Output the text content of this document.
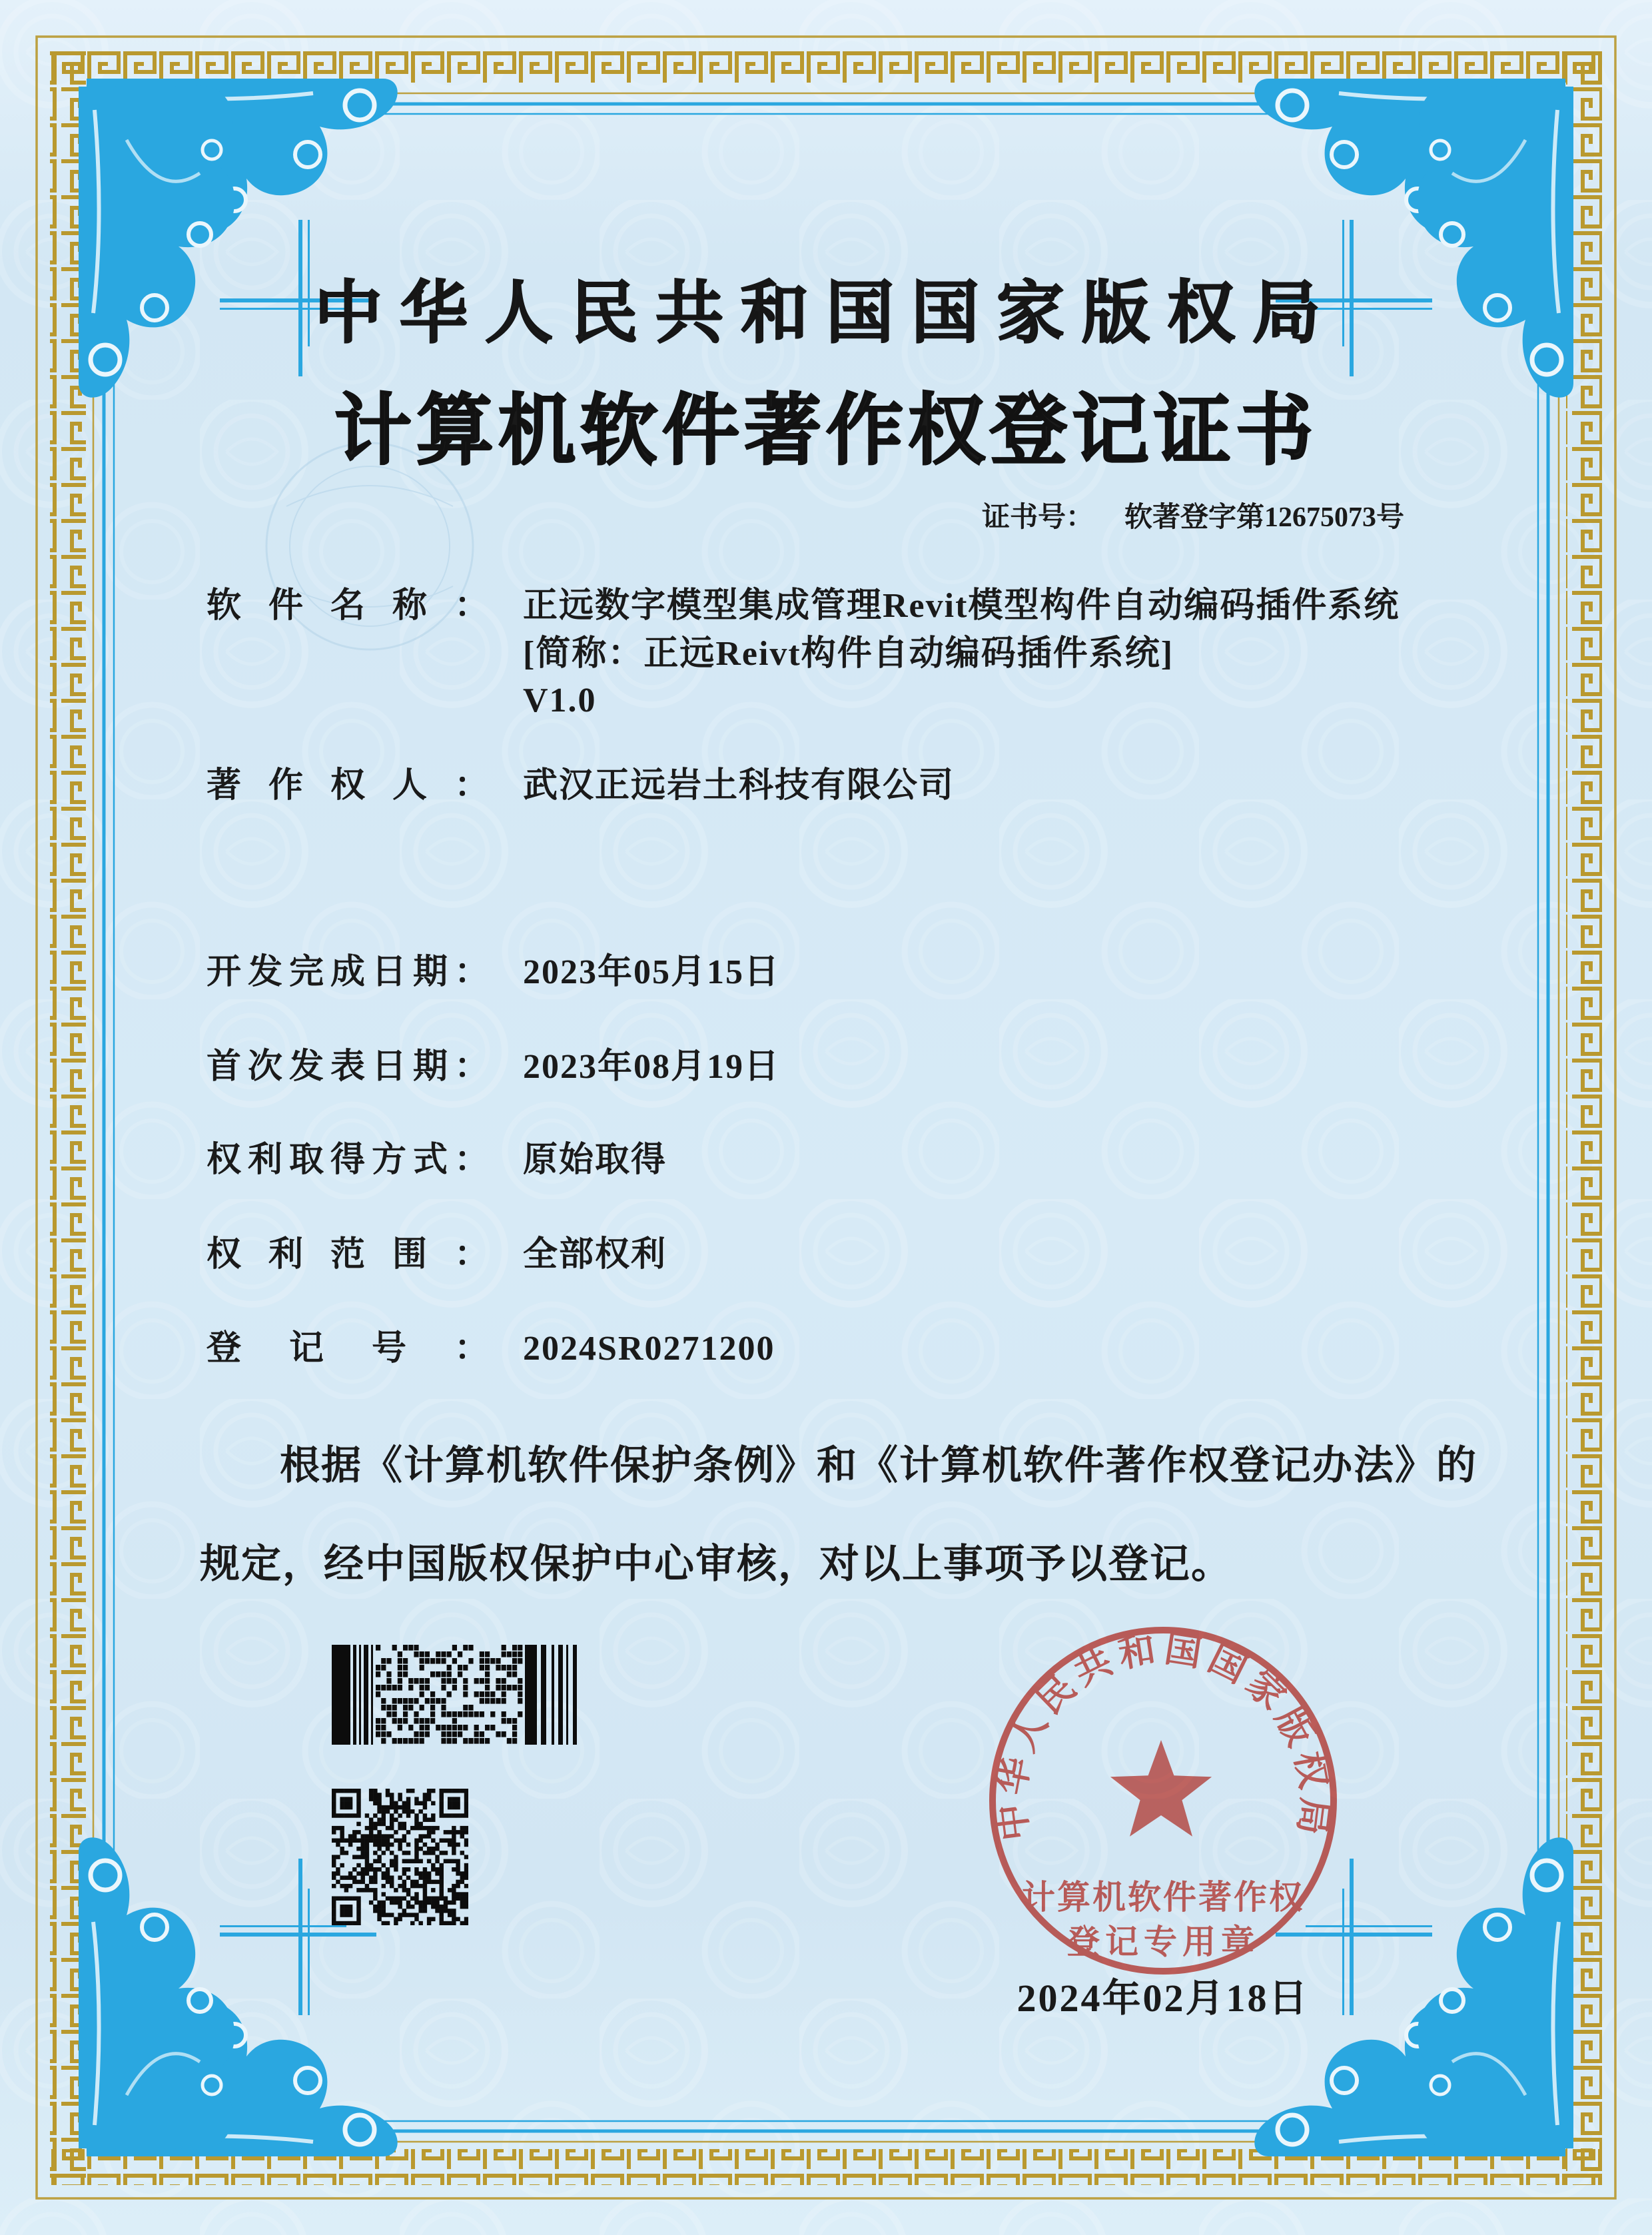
中华人民共和国国家版权局
计算机软件著作权登记证书
证书号： 软著登字第12675073号
软件名称： 正远数字模型集成管理Revit模型构件自动编码插件系统
[简称：正远Reivt构件自动编码插件系统]
V1.0
著作权人： 武汉正远岩土科技有限公司
开发完成日期： 2023年05月15日
首次发表日期： 2023年08月19日
权利取得方式： 原始取得
权利范围： 全部权利
登记号： 2024SR0271200
根据《计算机软件保护条例》和《计算机软件著作权登记办法》的
规定，经中国版权保护中心审核，对以上事项予以登记。
2024年02月18日
中华人民共和国国家版权局
计算机软件著作权
登记专用章
